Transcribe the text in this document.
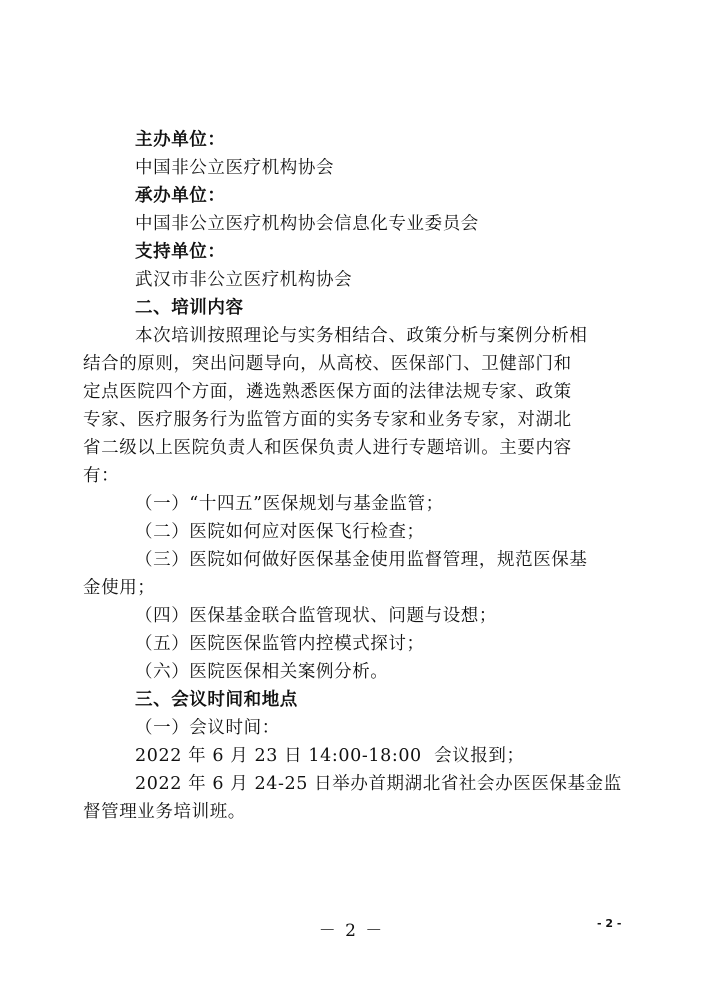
主办单位：
中国非公立医疗机构协会
承办单位：
中国非公立医疗机构协会信息化专业委员会
支持单位：
武汉市非公立医疗机构协会
二、培训内容
本次培训按照理论与实务相结合、政策分析与案例分析相
结合的原则，突出问题导向，从高校、医保部门、卫健部门和
定点医院四个方面，遴选熟悉医保方面的法律法规专家、政策
专家、医疗服务行为监管方面的实务专家和业务专家，对湖北
省二级以上医院负责人和医保负责人进行专题培训。主要内容
有：
（一）“十四五”医保规划与基金监管；
（二）医院如何应对医保飞行检查；
（三）医院如何做好医保基金使用监督管理，规范医保基
金使用；
（四）医保基金联合监管现状、问题与设想；
（五）医院医保监管内控模式探讨；
（六）医院医保相关案例分析。
三、会议时间和地点
（一）会议时间：
2022 年 6 月 23 日 14:00-18:00  会议报到；
2022 年 6 月 24-25 日举办首期湖北省社会办医医保基金监
督管理业务培训班。
－ 2 －	- 2 -
